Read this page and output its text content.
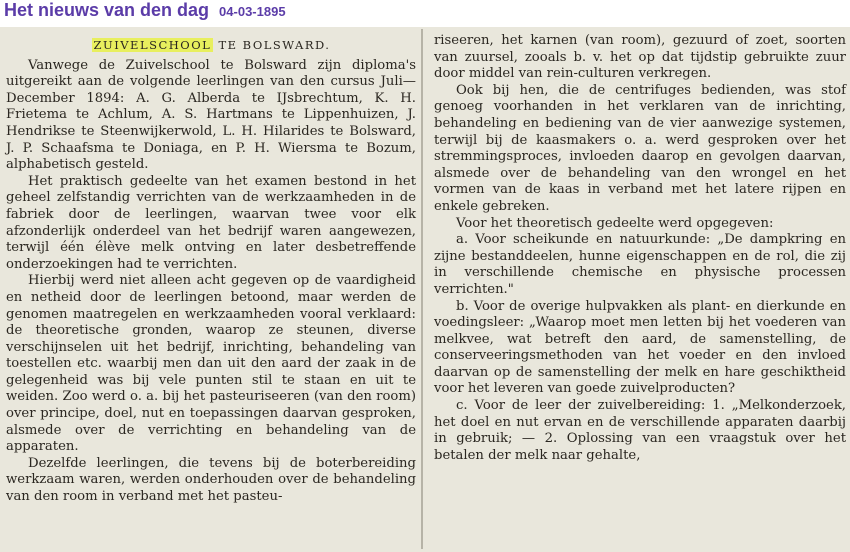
Het nieuws van den dag 04-03-1895
ZUIVELSCHOOL TE BOLSWARD.

Vanwege de Zuivelschool te Bolsward zijn diploma's uitgereikt aan de volgende leerlingen van den cursus Juli—December 1894: A. G. Alberda te IJsbrechtum, K. H. Frietema te Achlum, A. S. Hartmans te Lippenhuizen, J. Hendrikse te Steenwijkerwold, L. H. Hilarides te Bolsward, J. P. Schaafsma te Doniaga, en P. H. Wiersma te Bozum, alphabetisch gesteld.

Het praktisch gedeelte van het examen bestond in het geheel zelfstandig verrichten van de werkzaamheden in de fabriek door de leerlingen, waarvan twee voor elk afzonderlijk onderdeel van het bedrijf waren aangewezen, terwijl één élève melk ontving en later desbetreffende onderzoekingen had te verrichten.

Hierbij werd niet alleen acht gegeven op de vaardigheid en netheid door de leerlingen betoond, maar werden de genomen maatregelen en werkzaamheden vooral verklaard: de theoretische gronden, waarop ze steunen, diverse verschijnselen uit het bedrijf, inrichting, behandeling van toestellen etc. waarbij men dan uit den aard der zaak in de gelegenheid was bij vele punten stil te staan en uit te weiden. Zoo werd o. a. bij het pasteuriseeren (van den room) over principe, doel, nut en toepassingen daarvan gesproken, alsmede over de verrichting en behandeling van de apparaten.

Dezelfde leerlingen, die tevens bij de boterbereiding werkzaam waren, werden onderhouden over de behandeling van den room in verband met het pasteu-

riseeren, het karnen (van room), gezuurd of zoet, soorten van zuursel, zooals b. v. het op dat tijdstip gebruikte zuur door middel van rein-culturen verkregen.

Ook bij hen, die de centrifuges bedienden, was stof genoeg voorhanden in het verklaren van de inrichting, behandeling en bediening van de vier aanwezige systemen, terwijl bij de kaasmakers o. a. werd gesproken over het stremmingsproces, invloeden daarop en gevolgen daarvan, alsmede over de behandeling van den wrongel en het vormen van de kaas in verband met het latere rijpen en enkele gebreken.

Voor het theoretisch gedeelte werd opgegeven:

a. Voor scheikunde en natuurkunde: „De dampkring en zijne bestanddeelen, hunne eigenschappen en de rol, die zij in verschillende chemische en physische processen verrichten."

b. Voor de overige hulpvakken als plant- en dierkunde en voedingsleer: „Waarop moet men letten bij het voederen van melkvee, wat betreft den aard, de samenstelling, de conserveeringsmethoden van het voeder en den invloed daarvan op de samenstelling der melk en hare geschiktheid voor het leveren van goede zuivelproducten?

c. Voor de leer der zuivelbereiding: 1. „Melkonderzoek, het doel en nut ervan en de verschillende apparaten daarbij in gebruik; — 2. Oplossing van een vraagstuk over het betalen der melk naar gehalte,
